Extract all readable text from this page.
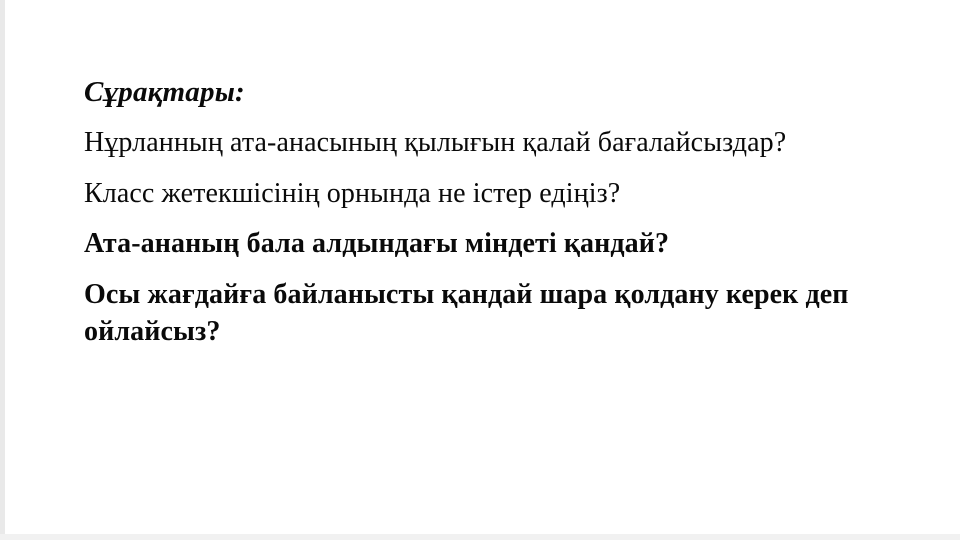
Сұрақтары:

Нұрланның ата-анасының қылығын қалай бағалайсыздар?

Класс жетекшісінің орнында не істер едіңіз?

Ата-ананың бала алдындағы міндеті қандай?

Осы жағдайға байланысты қандай шара қолдану керек деп ойлайсыз?
